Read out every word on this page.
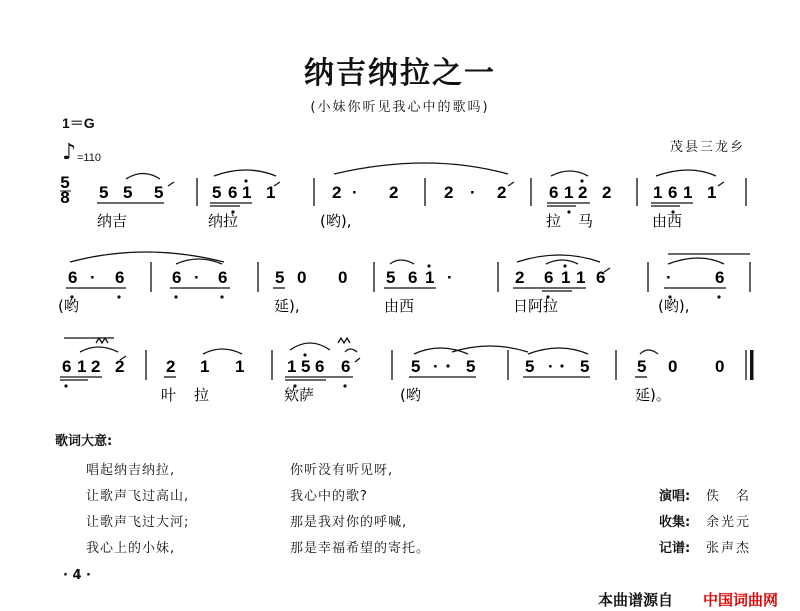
纳吉纳拉之一
(小妹你听见我心中的歌吗)
1＝G
♪ =110
茂县三龙乡
5
8 5 5 5	5 6 1 1	2 · 2	2 · 2	6 1 2 2 1 6 1 1
纳吉	纳拉	(哟),	拉 马	由西
6 · 6	6 · 6	5 0 0 5 6 1 ·	2 6 1 1 6	·	6
(哟	延),	由西	日阿拉	(哟),
6 1 2 2 2 1 1	1 5 6 6	5 · 5	5 · 5	5 0 0
叶 拉	欸萨	(哟	延)。
歌词大意:
唱起纳吉纳拉,
让歌声飞过高山,
让歌声飞过大河;
我心上的小妹,
你听没有听见呀,
我心中的歌?
那是我对你的呼喊,
那是幸福希望的寄托。
演唱: 佚　名
收集: 余光元
记谱: 张声杰
· 4 ·
本曲谱源自 中国词曲网
